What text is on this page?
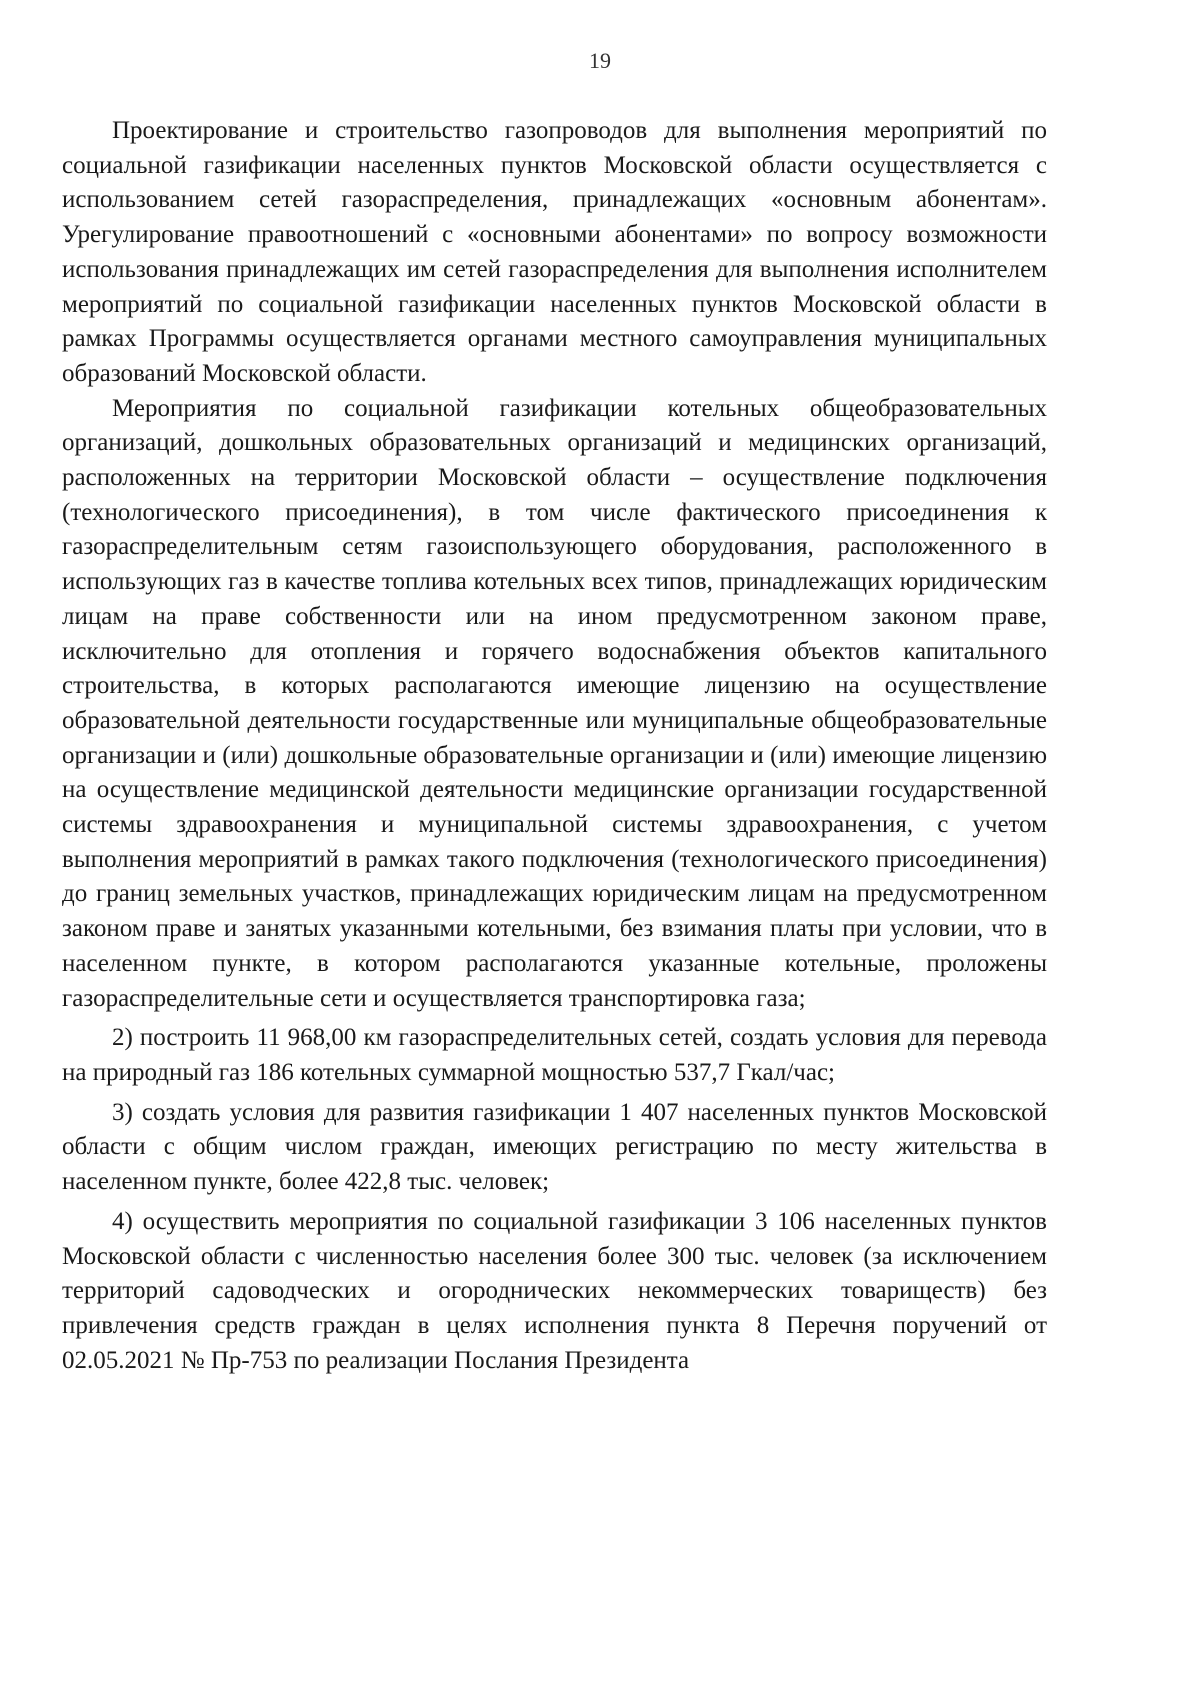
19

Проектирование и строительство газопроводов для выполнения мероприятий по социальной газификации населенных пунктов Московской области осуществляется с использованием сетей газораспределения, принадлежащих «основным абонентам». Урегулирование правоотношений с «основными абонентами» по вопросу возможности использования принадлежащих им сетей газораспределения для выполнения исполнителем мероприятий по социальной газификации населенных пунктов Московской области в рамках Программы осуществляется органами местного самоуправления муниципальных образований Московской области.

Мероприятия по социальной газификации котельных общеобразовательных организаций, дошкольных образовательных организаций и медицинских организаций, расположенных на территории Московской области – осуществление подключения (технологического присоединения), в том числе фактического присоединения к газораспределительным сетям газоиспользующего оборудования, расположенного в использующих газ в качестве топлива котельных всех типов, принадлежащих юридическим лицам на праве собственности или на ином предусмотренном законом праве, исключительно для отопления и горячего водоснабжения объектов капитального строительства, в которых располагаются имеющие лицензию на осуществление образовательной деятельности государственные или муниципальные общеобразовательные организации и (или) дошкольные образовательные организации и (или) имеющие лицензию на осуществление медицинской деятельности медицинские организации государственной системы здравоохранения и муниципальной системы здравоохранения, с учетом выполнения мероприятий в рамках такого подключения (технологического присоединения) до границ земельных участков, принадлежащих юридическим лицам на предусмотренном законом праве и занятых указанными котельными, без взимания платы при условии, что в населенном пункте, в котором располагаются указанные котельные, проложены газораспределительные сети и осуществляется транспортировка газа;

2) построить 11 968,00 км газораспределительных сетей, создать условия для перевода на природный газ 186 котельных суммарной мощностью 537,7 Гкал/час;

3) создать условия для развития газификации 1 407 населенных пунктов Московской области с общим числом граждан, имеющих регистрацию по месту жительства в населенном пункте, более 422,8 тыс. человек;

4) осуществить мероприятия по социальной газификации 3 106 населенных пунктов Московской области с численностью населения более 300 тыс. человек (за исключением территорий садоводческих и огороднических некоммерческих товариществ) без привлечения средств граждан в целях исполнения пункта 8 Перечня поручений от 02.05.2021 № Пр-753 по реализации Послания Президента
